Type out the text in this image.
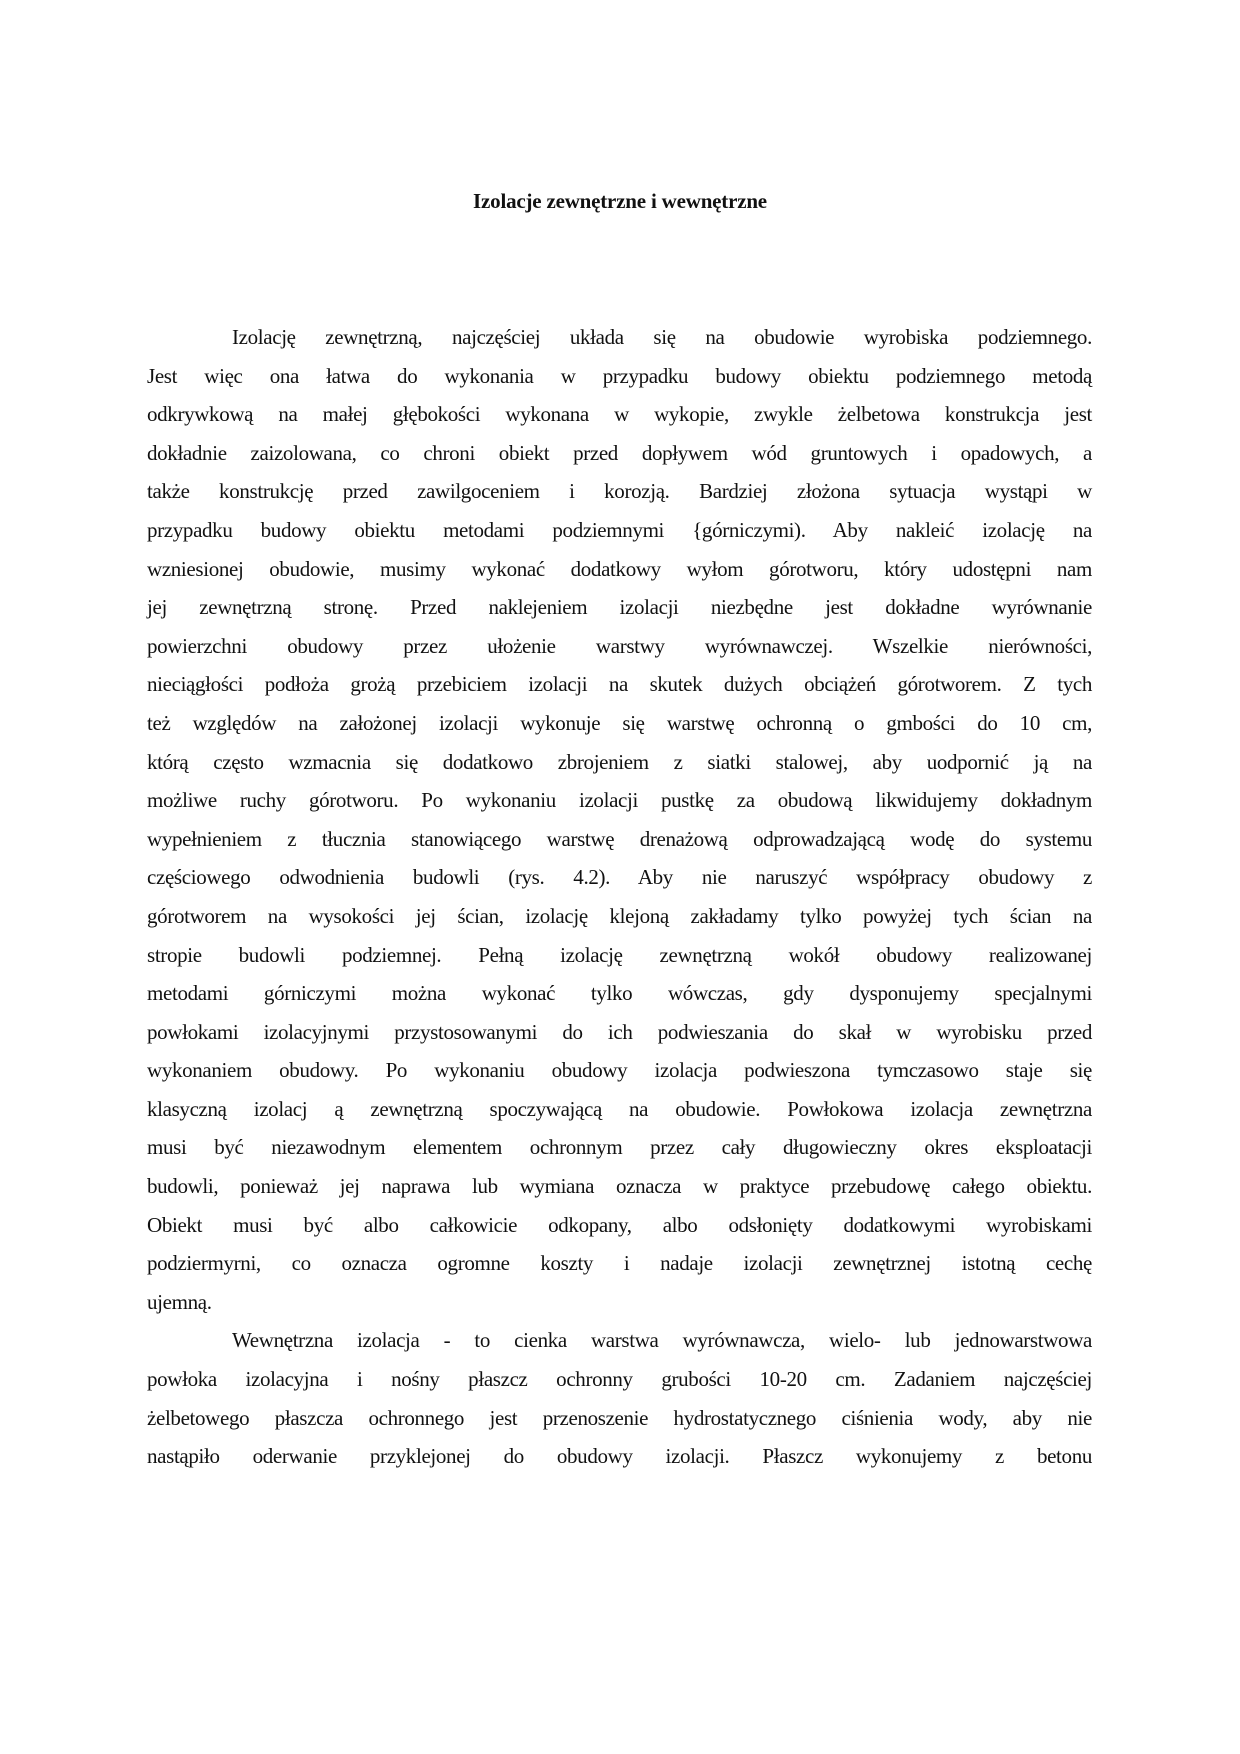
Izolacje zewnętrzne i wewnętrzne
Izolację zewnętrzną, najczęściej układa się na obudowie wyrobiska podziemnego.
Jest więc ona łatwa do wykonania w przypadku budowy obiektu podziemnego metodą
odkrywkową na małej głębokości wykonana w wykopie, zwykle żelbetowa konstrukcja jest
dokładnie zaizolowana, co chroni obiekt przed dopływem wód gruntowych i opadowych, a
także konstrukcję przed zawilgoceniem i korozją. Bardziej złożona sytuacja wystąpi w
przypadku budowy obiektu metodami podziemnymi {górniczymi). Aby nakleić izolację na
wzniesionej obudowie, musimy wykonać dodatkowy wyłom górotworu, który udostępni nam
jej zewnętrzną stronę. Przed naklejeniem izolacji niezbędne jest dokładne wyrównanie
powierzchni obudowy przez ułożenie warstwy wyrównawczej. Wszelkie nierówności,
nieciągłości podłoża grożą przebiciem izolacji na skutek dużych obciążeń górotworem. Z tych
też względów na założonej izolacji wykonuje się warstwę ochronną o gmbości do 10 cm,
którą często wzmacnia się dodatkowo zbrojeniem z siatki stalowej, aby uodpornić ją na
możliwe ruchy górotworu. Po wykonaniu izolacji pustkę za obudową likwidujemy dokładnym
wypełnieniem z tłucznia stanowiącego warstwę drenażową odprowadzającą wodę do systemu
częściowego odwodnienia budowli (rys. 4.2). Aby nie naruszyć współpracy obudowy z
górotworem na wysokości jej ścian, izolację klejoną zakładamy tylko powyżej tych ścian na
stropie budowli podziemnej. Pełną izolację zewnętrzną wokół obudowy realizowanej
metodami górniczymi można wykonać tylko wówczas, gdy dysponujemy specjalnymi
powłokami izolacyjnymi przystosowanymi do ich podwieszania do skał w wyrobisku przed
wykonaniem obudowy. Po wykonaniu obudowy izolacja podwieszona tymczasowo staje się
klasyczną izolacj ą zewnętrzną spoczywającą na obudowie. Powłokowa izolacja zewnętrzna
musi być niezawodnym elementem ochronnym przez cały długowieczny okres eksploatacji
budowli, ponieważ jej naprawa lub wymiana oznacza w praktyce przebudowę całego obiektu.
Obiekt musi być albo całkowicie odkopany, albo odsłonięty dodatkowymi wyrobiskami
podziermyrni, co oznacza ogromne koszty i nadaje izolacji zewnętrznej istotną cechę
ujemną.
Wewnętrzna izolacja - to cienka warstwa wyrównawcza, wielo- lub jednowarstwowa
powłoka izolacyjna i nośny płaszcz ochronny grubości 10-20 cm. Zadaniem najczęściej
żelbetowego płaszcza ochronnego jest przenoszenie hydrostatycznego ciśnienia wody, aby nie
nastąpiło oderwanie przyklejonej do obudowy izolacji. Płaszcz wykonujemy z betonu
